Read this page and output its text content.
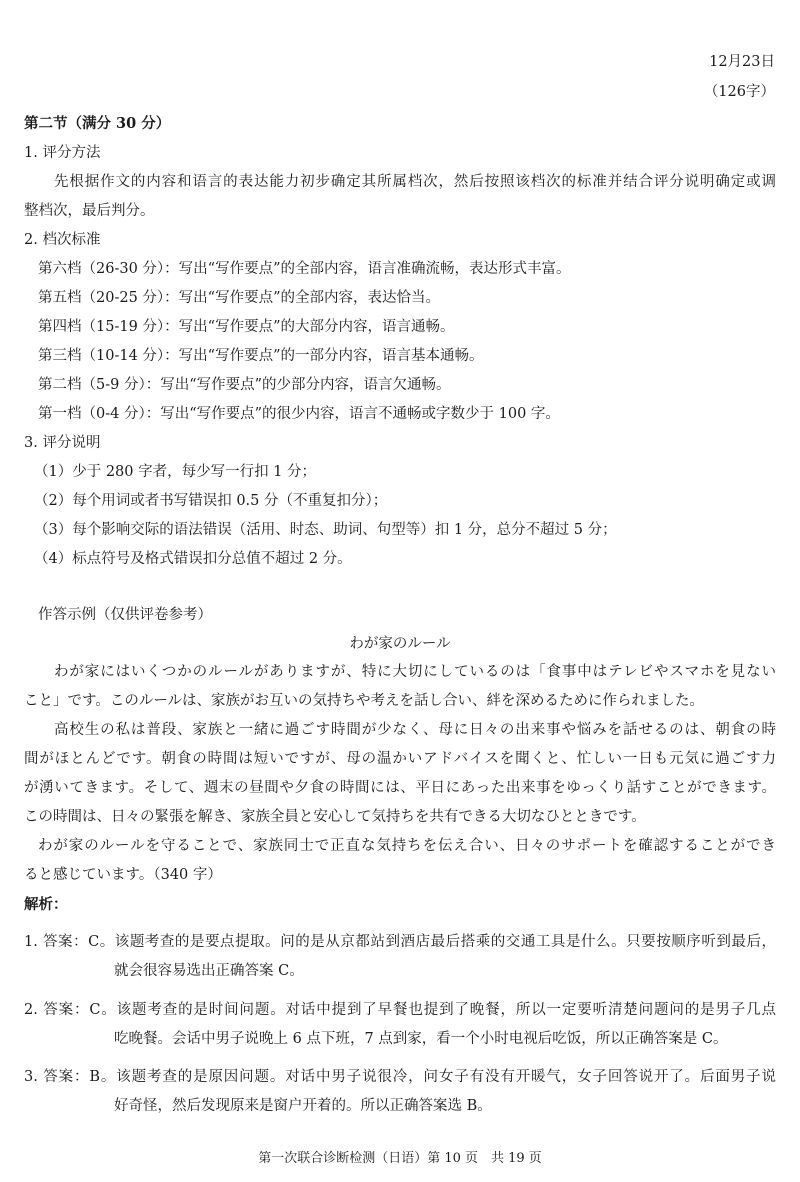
12月23日
（126字）
第二节（满分 30 分）
1. 评分方法
先根据作文的内容和语言的表达能力初步确定其所属档次，然后按照该档次的标准并结合评分说明确定或调
整档次，最后判分。
2. 档次标准
第六档（26-30 分）：写出“写作要点”的全部内容，语言准确流畅，表达形式丰富。
第五档（20-25 分）：写出“写作要点”的全部内容，表达恰当。
第四档（15-19 分）：写出“写作要点”的大部分内容，语言通畅。
第三档（10-14 分）：写出“写作要点”的一部分内容，语言基本通畅。
第二档（5-9 分）：写出“写作要点”的少部分内容，语言欠通畅。
第一档（0-4 分）：写出“写作要点”的很少内容，语言不通畅或字数少于 100 字。
3. 评分说明
（1）少于 280 字者，每少写一行扣 1 分；
（2）每个用词或者书写错误扣 0.5 分（不重复扣分）；
（3）每个影响交际的语法错误（活用、时态、助词、句型等）扣 1 分，总分不超过 5 分；
（4）标点符号及格式错误扣分总值不超过 2 分。
作答示例（仅供评卷参考）
わが家のルール
わが家にはいくつかのルールがありますが、特に大切にしているのは「食事中はテレビやスマホを見ない
こと」です。このルールは、家族がお互いの気持ちや考えを話し合い、絆を深めるために作られました。
高校生の私は普段、家族と一緒に過ごす時間が少なく、母に日々の出来事や悩みを話せるのは、朝食の時
間がほとんどです。朝食の時間は短いですが、母の温かいアドバイスを聞くと、忙しい一日も元気に過ごす力
が湧いてきます。そして、週末の昼間や夕食の時間には、平日にあった出来事をゆっくり話すことができます。
この時間は、日々の緊張を解き、家族全員と安心して気持ちを共有できる大切なひとときです。
わが家のルールを守ることで、家族同士で正直な気持ちを伝え合い、日々のサポートを確認することができ
ると感じています。（340 字）
解析：
1. 答案：C。该题考查的是要点提取。问的是从京都站到酒店最后搭乘的交通工具是什么。只要按顺序听到最后，
就会很容易选出正确答案 C。
2. 答案：C。该题考查的是时间问题。对话中提到了早餐也提到了晚餐，所以一定要听清楚问题问的是男子几点
吃晚餐。会话中男子说晚上 6 点下班，7 点到家，看一个小时电视后吃饭，所以正确答案是 C。
3. 答案：B。该题考查的是原因问题。对话中男子说很冷，问女子有没有开暖气，女子回答说开了。后面男子说
好奇怪，然后发现原来是窗户开着的。所以正确答案选 B。
第一次联合诊断检测（日语）第 10 页　共 19 页
